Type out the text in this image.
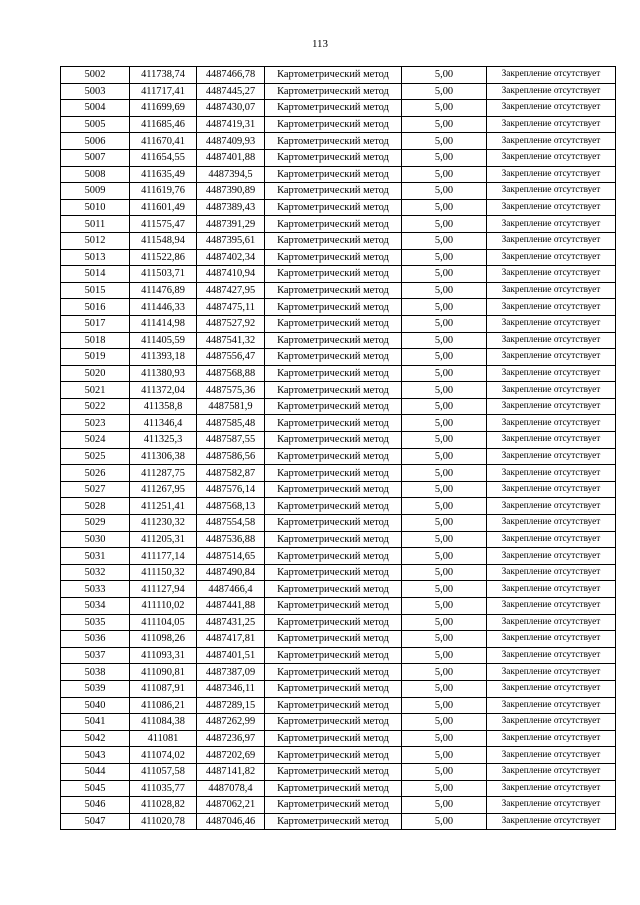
113
5002	411738,74	4487466,78	Картометрический метод	5,00	Закрепление отсутствует
5003	411717,41	4487445,27	Картометрический метод	5,00	Закрепление отсутствует
5004	411699,69	4487430,07	Картометрический метод	5,00	Закрепление отсутствует
5005	411685,46	4487419,31	Картометрический метод	5,00	Закрепление отсутствует
5006	411670,41	4487409,93	Картометрический метод	5,00	Закрепление отсутствует
5007	411654,55	4487401,88	Картометрический метод	5,00	Закрепление отсутствует
5008	411635,49	4487394,5	Картометрический метод	5,00	Закрепление отсутствует
5009	411619,76	4487390,89	Картометрический метод	5,00	Закрепление отсутствует
5010	411601,49	4487389,43	Картометрический метод	5,00	Закрепление отсутствует
5011	411575,47	4487391,29	Картометрический метод	5,00	Закрепление отсутствует
5012	411548,94	4487395,61	Картометрический метод	5,00	Закрепление отсутствует
5013	411522,86	4487402,34	Картометрический метод	5,00	Закрепление отсутствует
5014	411503,71	4487410,94	Картометрический метод	5,00	Закрепление отсутствует
5015	411476,89	4487427,95	Картометрический метод	5,00	Закрепление отсутствует
5016	411446,33	4487475,11	Картометрический метод	5,00	Закрепление отсутствует
5017	411414,98	4487527,92	Картометрический метод	5,00	Закрепление отсутствует
5018	411405,59	4487541,32	Картометрический метод	5,00	Закрепление отсутствует
5019	411393,18	4487556,47	Картометрический метод	5,00	Закрепление отсутствует
5020	411380,93	4487568,88	Картометрический метод	5,00	Закрепление отсутствует
5021	411372,04	4487575,36	Картометрический метод	5,00	Закрепление отсутствует
5022	411358,8	4487581,9	Картометрический метод	5,00	Закрепление отсутствует
5023	411346,4	4487585,48	Картометрический метод	5,00	Закрепление отсутствует
5024	411325,3	4487587,55	Картометрический метод	5,00	Закрепление отсутствует
5025	411306,38	4487586,56	Картометрический метод	5,00	Закрепление отсутствует
5026	411287,75	4487582,87	Картометрический метод	5,00	Закрепление отсутствует
5027	411267,95	4487576,14	Картометрический метод	5,00	Закрепление отсутствует
5028	411251,41	4487568,13	Картометрический метод	5,00	Закрепление отсутствует
5029	411230,32	4487554,58	Картометрический метод	5,00	Закрепление отсутствует
5030	411205,31	4487536,88	Картометрический метод	5,00	Закрепление отсутствует
5031	411177,14	4487514,65	Картометрический метод	5,00	Закрепление отсутствует
5032	411150,32	4487490,84	Картометрический метод	5,00	Закрепление отсутствует
5033	411127,94	4487466,4	Картометрический метод	5,00	Закрепление отсутствует
5034	411110,02	4487441,88	Картометрический метод	5,00	Закрепление отсутствует
5035	411104,05	4487431,25	Картометрический метод	5,00	Закрепление отсутствует
5036	411098,26	4487417,81	Картометрический метод	5,00	Закрепление отсутствует
5037	411093,31	4487401,51	Картометрический метод	5,00	Закрепление отсутствует
5038	411090,81	4487387,09	Картометрический метод	5,00	Закрепление отсутствует
5039	411087,91	4487346,11	Картометрический метод	5,00	Закрепление отсутствует
5040	411086,21	4487289,15	Картометрический метод	5,00	Закрепление отсутствует
5041	411084,38	4487262,99	Картометрический метод	5,00	Закрепление отсутствует
5042	411081	4487236,97	Картометрический метод	5,00	Закрепление отсутствует
5043	411074,02	4487202,69	Картометрический метод	5,00	Закрепление отсутствует
5044	411057,58	4487141,82	Картометрический метод	5,00	Закрепление отсутствует
5045	411035,77	4487078,4	Картометрический метод	5,00	Закрепление отсутствует
5046	411028,82	4487062,21	Картометрический метод	5,00	Закрепление отсутствует
5047	411020,78	4487046,46	Картометрический метод	5,00	Закрепление отсутствует
